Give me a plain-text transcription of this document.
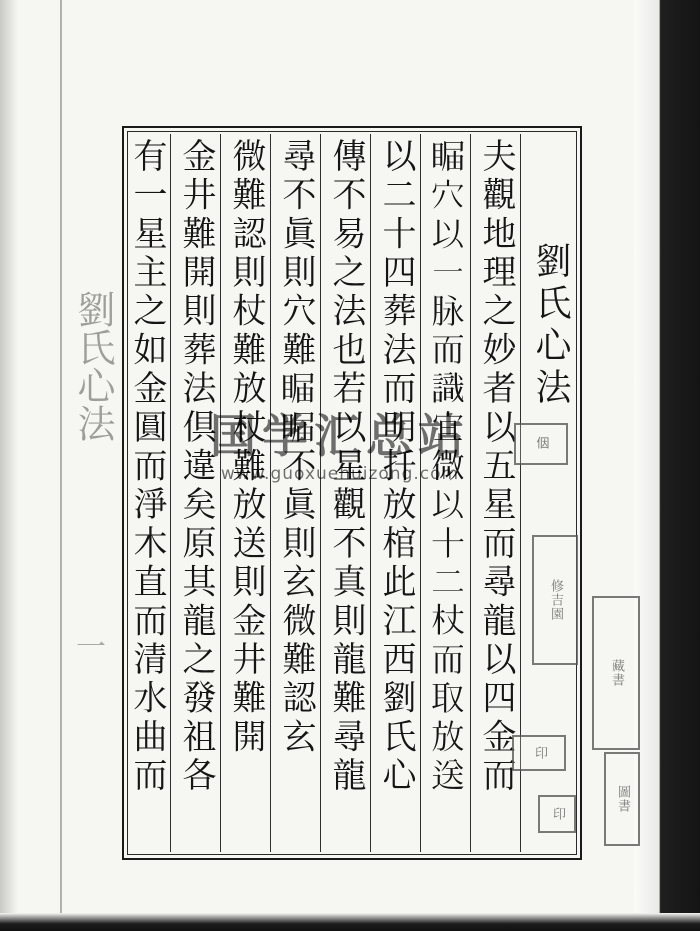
劉氏心法
一	夫觀地理之妙者以五星而尋龍以四金而
𥇗穴以一脉而識宜微以十二杖而取放送
以二十四葬法而明扦放棺此江西劉氏心
傳不易之法也若以星觀不真則龍難尋龍
尋不眞則穴難𥇗𥇗不眞則玄微難認玄
微難認則杖難放杖難放送則金井難開
金井難開則葬法倶違矣原其龍之發祖各
有一星主之如金圓而淨木直而清水曲而	劉氏心法
𪜶
修吉園
印
印
藏書
圖書
国学汇总站
www.guoxuehuizong.com
